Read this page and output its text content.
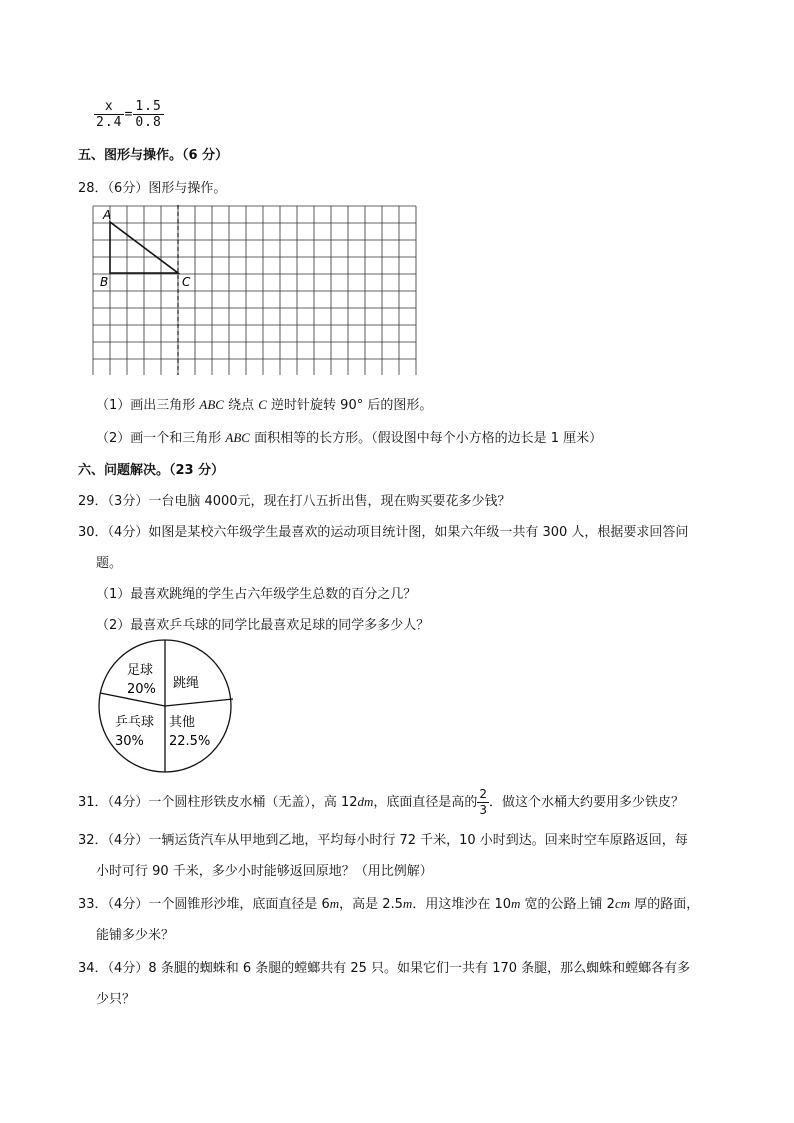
$\frac{x}{2.4} = \frac{1.5}{0.8}$
五、图形与操作。（6 分）
28．（6分）图形与操作。
A
B	C
（1）画出三角形 ABC 绕点 C 逆时针旋转 90° 后的图形。
（2）画一个和三角形 ABC 面积相等的长方形。（假设图中每个小方格的边长是 1 厘米）
六、问题解决。（23 分）
29．（3分）一台电脑 4000元，现在打八五折出售，现在购买要花多少钱？
30．（4分）如图是某校六年级学生最喜欢的运动项目统计图，如果六年级一共有 300 人，根据要求回答问
题。
（1）最喜欢跳绳的学生占六年级学生总数的百分之几？
（2）最喜欢乒乓球的同学比最喜欢足球的同学多多少人？
足球
20% 跳绳
乒乓球
30%
其他
22.5%
31．（4分）一个圆柱形铁皮水桶（无盖），高 12dm，底面直径是高的 $\frac{2}{3}$ ．做这个水桶大约要用多少铁皮？
32．（4分）一辆运货汽车从甲地到乙地，平均每小时行 72 千米，10 小时到达。回来时空车原路返回，每
小时可行 90 千米，多少小时能够返回原地？（用比例解）
33．（4分）一个圆锥形沙堆，底面直径是 6m，高是 2.5m．用这堆沙在 10m 宽的公路上铺 2cm 厚的路面，
能铺多少米？
34．（4分）8 条腿的蜘蛛和 6 条腿的螳螂共有 25 只。如果它们一共有 170 条腿，那么蜘蛛和螳螂各有多
少只？
